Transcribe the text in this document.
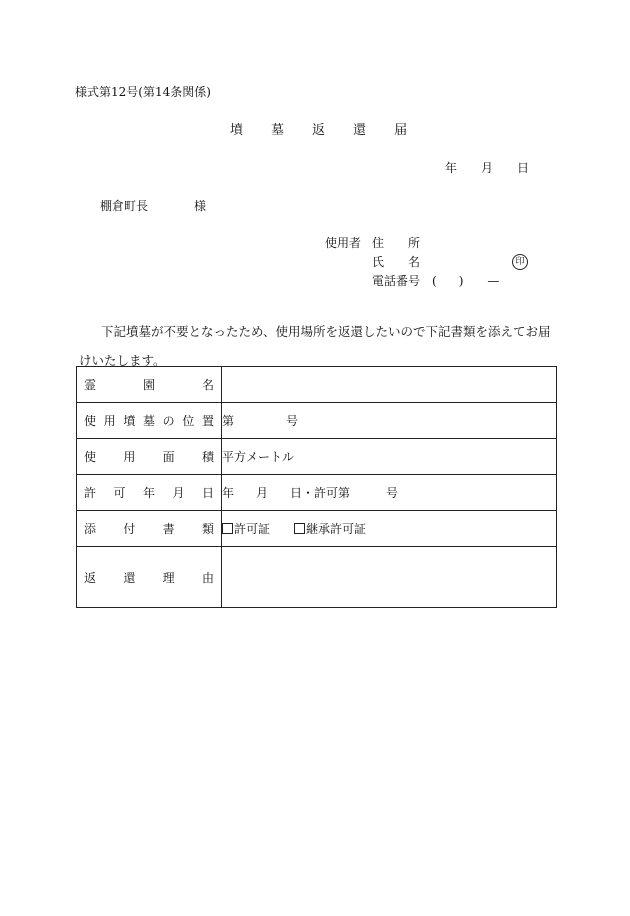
様式第12号(第14条関係)
墳 墓 返 還 届
年 月 日
棚倉町長	様
使用者 住　　所
氏　　名	印
電話番号 ( ) —
下記墳墓が不要となったため、使用場所を返還したいので下記書類を添えてお届けいたします。
霊園名	
使用墳墓の位置	第 号
使用面積	平方メートル
許可年月日	年 月 日・許可第 号
添付書類	許可証 継承許可証
返還理由	
